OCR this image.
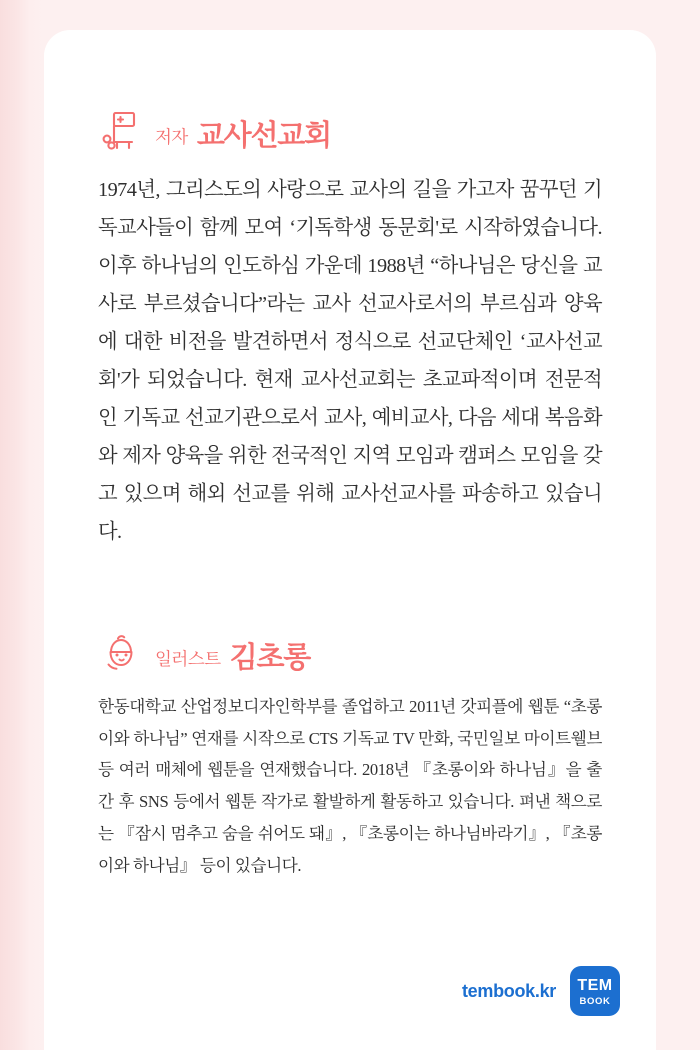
저자 교사선교회

1974년, 그리스도의 사랑으로 교사의 길을 가고자 꿈꾸던 기독교사들이 함께 모여 ‘기독학생 동문회'로 시작하였습니다. 이후 하나님의 인도하심 가운데 1988년 “하나님은 당신을 교사로 부르셨습니다”라는 교사 선교사로서의 부르심과 양육에 대한 비전을 발견하면서 정식으로 선교단체인 ‘교사선교회'가 되었습니다. 현재 교사선교회는 초교파적이며 전문적인 기독교 선교기관으로서 교사, 예비교사, 다음 세대 복음화와 제자 양육을 위한 전국적인 지역 모임과 캠퍼스 모임을 갖고 있으며 해외 선교를 위해 교사선교사를 파송하고 있습니다.

일러스트 김초롱

한동대학교 산업정보디자인학부를 졸업하고 2011년 갓피플에 웹툰 “초롱이와 하나님” 연재를 시작으로 CTS 기독교 TV 만화, 국민일보 마이트웰브 등 여러 매체에 웹툰을 연재했습니다. 2018년 『초롱이와 하나님』을 출간 후 SNS 등에서 웹툰 작가로 활발하게 활동하고 있습니다. 펴낸 책으로는 『잠시 멈추고 숨을 쉬어도 돼』, 『초롱이는 하나님바라기』, 『초롱이와 하나님』 등이 있습니다.

tembook.kr TEM
BOOK
